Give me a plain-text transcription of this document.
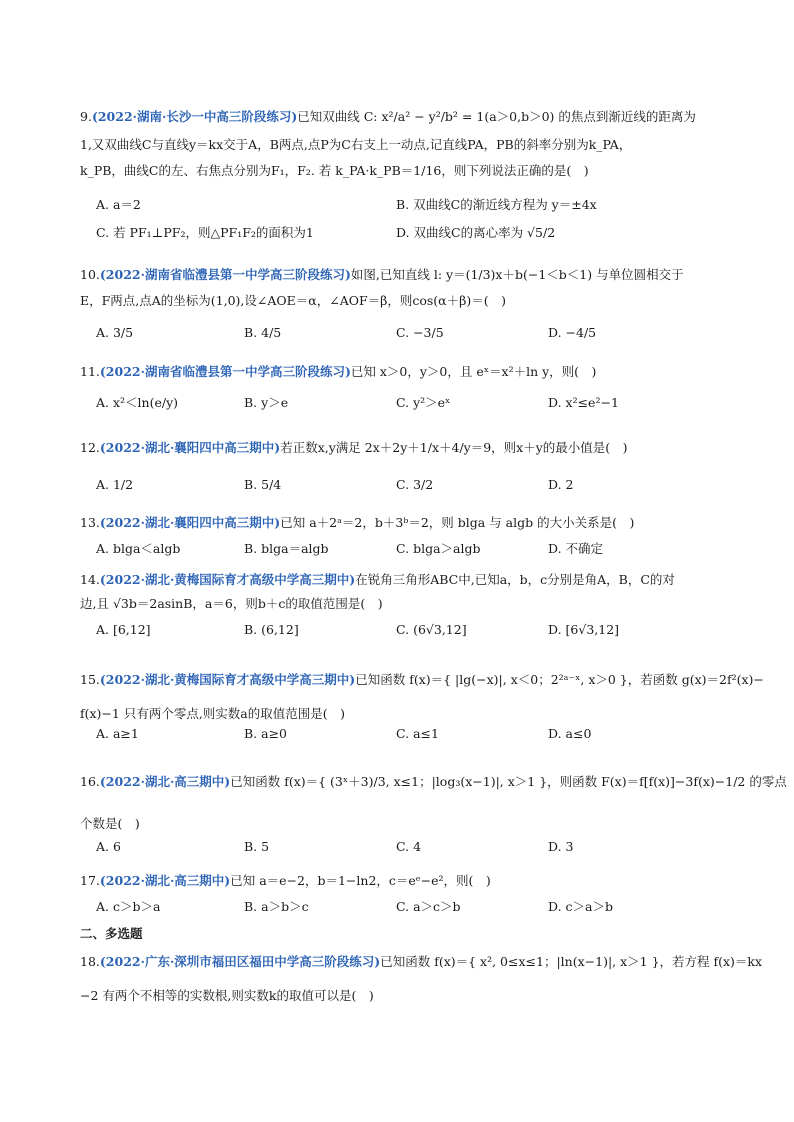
9.(2022·湖南·长沙一中高三阶段练习)已知双曲线 C: x²/a² − y²/b² = 1(a＞0,b＞0) 的焦点到渐近线的距离为
1,又双曲线C与直线y＝kx交于A，B两点,点P为C右支上一动点,记直线PA，PB的斜率分别为k_PA，
k_PB，曲线C的左、右焦点分别为F₁，F₂. 若 k_PA·k_PB＝1/16，则下列说法正确的是(　)
A. a＝2	B. 双曲线C的渐近线方程为 y＝±4x
C. 若 PF₁⊥PF₂，则△PF₁F₂的面积为1	D. 双曲线C的离心率为 √5/2
10.(2022·湖南省临澧县第一中学高三阶段练习)如图,已知直线 l: y＝(1/3)x＋b(−1＜b＜1) 与单位圆相交于
E，F两点,点A的坐标为(1,0),设∠AOE＝α，∠AOF＝β，则cos(α＋β)＝(　)
A. 3/5	B. 4/5	C. −3/5	D. −4/5
11.(2022·湖南省临澧县第一中学高三阶段练习)已知 x＞0，y＞0，且 eˣ＝x²＋ln y，则(　)
A. x²＜ln(e/y)	B. y＞e	C. y²＞eˣ	D. x²≤e²−1
12.(2022·湖北·襄阳四中高三期中)若正数x,y满足 2x＋2y＋1/x＋4/y＝9，则x＋y的最小值是(　)
A. 1/2	B. 5/4	C. 3/2	D. 2
13.(2022·湖北·襄阳四中高三期中)已知 a＋2ᵃ＝2，b＋3ᵇ＝2，则 blga 与 algb 的大小关系是(　)
A. blga＜algb	B. blga＝algb	C. blga＞algb	D. 不确定
14.(2022·湖北·黄梅国际育才高级中学高三期中)在锐角三角形ABC中,已知a，b，c分别是角A，B，C的对
边,且 √3b＝2asinB，a＝6，则b＋c的取值范围是(　)
A. [6,12]	B. (6,12]	C. (6√3,12]	D. [6√3,12]
15.(2022·湖北·黄梅国际育才高级中学高三期中)已知函数 f(x)＝{ |lg(−x)|, x＜0；2²ᵃ⁻ˣ, x＞0 }，若函数 g(x)＝2f²(x)−
f(x)−1 只有两个零点,则实数a的取值范围是(　)
A. a≥1	B. a≥0	C. a≤1	D. a≤0
16.(2022·湖北·高三期中)已知函数 f(x)＝{ (3ˣ＋3)/3, x≤1；|log₃(x−1)|, x＞1 }，则函数 F(x)＝f[f(x)]−3f(x)−1/2 的零点
个数是(　)
A. 6	B. 5	C. 4	D. 3
17.(2022·湖北·高三期中)已知 a＝e−2，b＝1−ln2，c＝eᵉ−e²，则(　)
A. c＞b＞a	B. a＞b＞c	C. a＞c＞b	D. c＞a＞b
二、多选题
18.(2022·广东·深圳市福田区福田中学高三阶段练习)已知函数 f(x)＝{ x², 0≤x≤1；|ln(x−1)|, x＞1 }，若方程 f(x)＝kx
−2 有两个不相等的实数根,则实数k的取值可以是(　)
